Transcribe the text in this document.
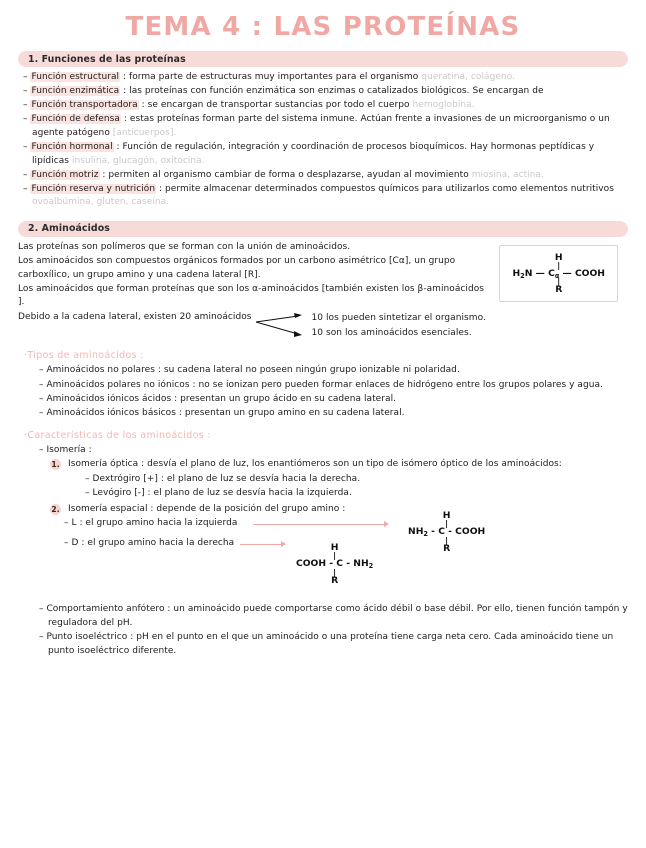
TEMA 4 : LAS PROTEÍNAS
1. Funciones de las proteínas
– Función estructural : forma parte de estructuras muy importantes para el organismo queratina, colágeno.
– Función enzimática : las proteínas con función enzimática son enzimas o catalizados biológicos. Se encargan de
– Función transportadora : se encargan de transportar sustancias por todo el cuerpo hemoglobina.
– Función de defensa : estas proteínas forman parte del sistema inmune. Actúan frente a invasiones de un microorganismo o un agente patógeno [anticuerpos].
– Función hormonal : Función de regulación, integración y coordinación de procesos bioquímicos. Hay hormonas peptídicas y lipídicas insulina, glucagón, oxitocina.
– Función motriz : permiten al organismo cambiar de forma o desplazarse, ayudan al movimiento miosina, actina.
– Función reserva y nutrición : permite almacenar determinados compuestos químicos para utilizarlos como elementos nutritivos ovoalbúmina, gluten, caseína.
2. Aminoácidos
Las proteínas son polímeros que se forman con la unión de aminoácidos.
Los aminoácidos son compuestos orgánicos formados por un carbono asimétrico [Cα], un grupo carboxílico, un grupo amino y una cadena lateral [R].
Los aminoácidos que forman proteínas que son los α-aminoácidos [también existen los β-aminoácidos ].
H
|
$H_2N$ — Cα — COOH
|
R
Debido a la cadena lateral, existen 20 aminoácidos	10 los pueden sintetizar el organismo.
10 son los aminoácidos esenciales.
· Tipos de aminoácidos :
– Aminoácidos no polares : su cadena lateral no poseen ningún grupo ionizable ni polaridad.
– Aminoácidos polares no iónicos : no se ionizan pero pueden formar enlaces de hidrógeno entre los grupos polares y agua.
– Aminoácidos iónicos ácidos : presentan un grupo ácido en su cadena lateral.
– Aminoácidos iónicos básicos : presentan un grupo amino en su cadena lateral.
· Características de los aminoácidos :
– Isomería :
1. Isomería óptica : desvía el plano de luz, los enantiómeros son un tipo de isómero óptico de los aminoácidos:
– Dextrógiro [+] : el plano de luz se desvía hacia la derecha.
– Levógiro [-] : el plano de luz se desvía hacia la izquierda.
2. Isomería espacial : depende de la posición del grupo amino :
– L : el grupo amino hacia la izquierda
– D : el grupo amino hacia la derecha
H
|
$NH_2$ - C - COOH
|
R
H
|
COOH - C - $NH_2$
|
R
– Comportamiento anfótero : un aminoácido puede comportarse como ácido débil o base débil. Por ello, tienen función tampón y reguladora del pH.
– Punto isoeléctrico : pH en el punto en el que un aminoácido o una proteína tiene carga neta cero. Cada aminoácido tiene un punto isoeléctrico diferente.
